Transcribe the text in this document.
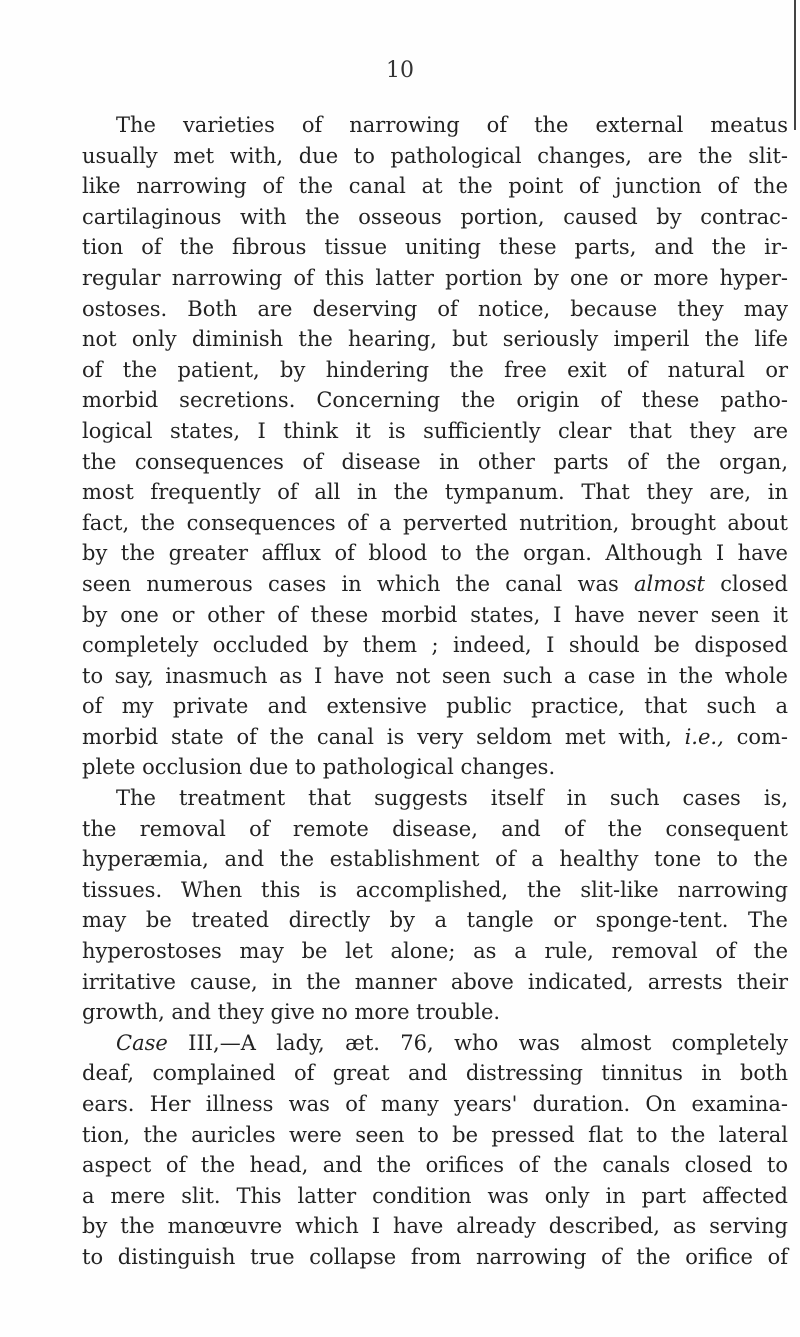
10
The varieties of narrowing of the external meatus
usually met with, due to pathological changes, are the slit-
like narrowing of the canal at the point of junction of the
cartilaginous with the osseous portion, caused by contrac-
tion of the fibrous tissue uniting these parts, and the ir-
regular narrowing of this latter portion by one or more hyper-
ostoses. Both are deserving of notice, because they may
not only diminish the hearing, but seriously imperil the life
of the patient, by hindering the free exit of natural or
morbid secretions. Concerning the origin of these patho-
logical states, I think it is sufficiently clear that they are
the consequences of disease in other parts of the organ,
most frequently of all in the tympanum. That they are, in
fact, the consequences of a perverted nutrition, brought about
by the greater afflux of blood to the organ. Although I have
seen numerous cases in which the canal was almost closed
by one or other of these morbid states, I have never seen it
completely occluded by them ; indeed, I should be disposed
to say, inasmuch as I have not seen such a case in the whole
of my private and extensive public practice, that such a
morbid state of the canal is very seldom met with, i.e., com-
plete occlusion due to pathological changes.
The treatment that suggests itself in such cases is,
the removal of remote disease, and of the consequent
hyperæmia, and the establishment of a healthy tone to the
tissues. When this is accomplished, the slit-like narrowing
may be treated directly by a tangle or sponge-tent. The
hyperostoses may be let alone; as a rule, removal of the
irritative cause, in the manner above indicated, arrests their
growth, and they give no more trouble.
Case III,—A lady, æt. 76, who was almost completely
deaf, complained of great and distressing tinnitus in both
ears. Her illness was of many years' duration. On examina-
tion, the auricles were seen to be pressed flat to the lateral
aspect of the head, and the orifices of the canals closed to
a mere slit. This latter condition was only in part affected
by the manœuvre which I have already described, as serving
to distinguish true collapse from narrowing of the orifice of
